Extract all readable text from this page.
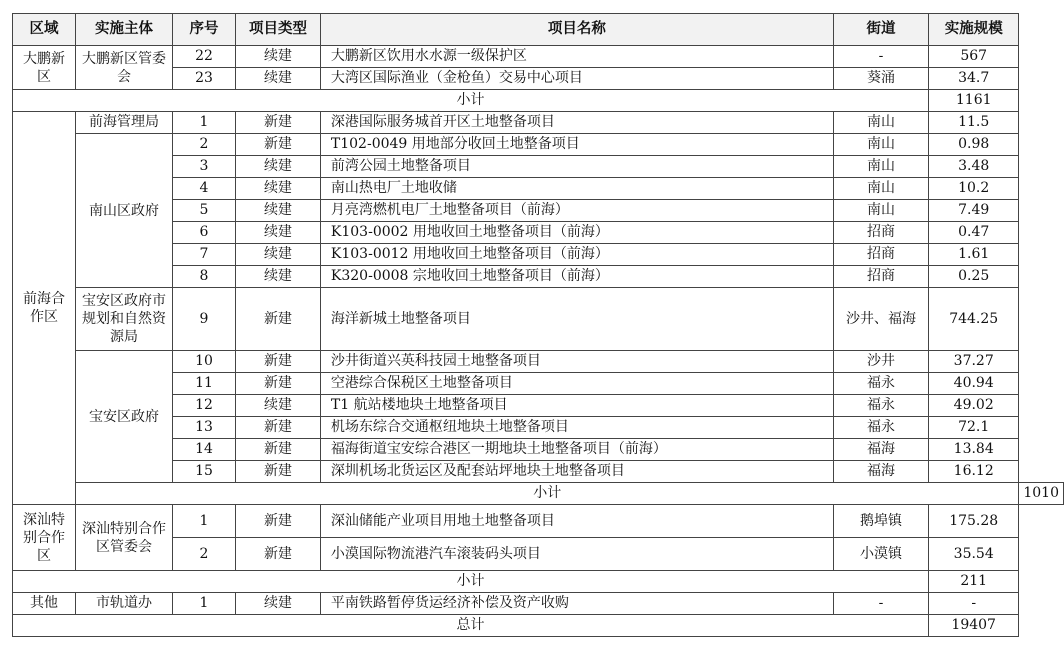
区域	实施主体	序号	项目类型	项目名称	街道	实施规模	
大鹏新区	大鹏新区管委会	22	续建	大鹏新区饮用水水源一级保护区	-	567	
		23	续建	大湾区国际渔业（金枪鱼）交易中心项目	葵涌	34.7	
小计						1161	
前海合作区	前海管理局	1	新建	深港国际服务城首开区土地整备项目	南山	11.5	
	南山区政府	2	新建	T102-0049 用地部分收回土地整备项目	南山	0.98	
		3	续建	前湾公园土地整备项目	南山	3.48	
		4	续建	南山热电厂土地收储	南山	10.2	
		5	续建	月亮湾燃机电厂土地整备项目（前海）	南山	7.49	
		6	续建	K103-0002 用地收回土地整备项目（前海）	招商	0.47	
		7	续建	K103-0012 用地收回土地整备项目（前海）	招商	1.61	
		8	续建	K320-0008 宗地收回土地整备项目（前海）	招商	0.25	
	宝安区政府市规划和自然资源局	9	新建	海洋新城土地整备项目	沙井、福海	744.25	
	宝安区政府	10	新建	沙井街道兴英科技园土地整备项目	沙井	37.27	
		11	新建	空港综合保税区土地整备项目	福永	40.94	
		12	续建	T1 航站楼地块土地整备项目	福永	49.02	
		13	新建	机场东综合交通枢纽地块土地整备项目	福永	72.1	
		14	新建	福海街道宝安综合港区一期地块土地整备项目（前海）	福海	13.84	
		15	新建	深圳机场北货运区及配套站坪地块土地整备项目	福海	16.12	
	小计						1010
深汕特别合作区	深汕特别合作区管委会	1	新建	深汕储能产业项目用地土地整备项目	鹅埠镇	175.28	
		2	新建	小漠国际物流港汽车滚装码头项目	小漠镇	35.54	
小计						211	
其他	市轨道办	1	续建	平南铁路暂停货运经济补偿及资产收购	-	-	
总计						19407	
